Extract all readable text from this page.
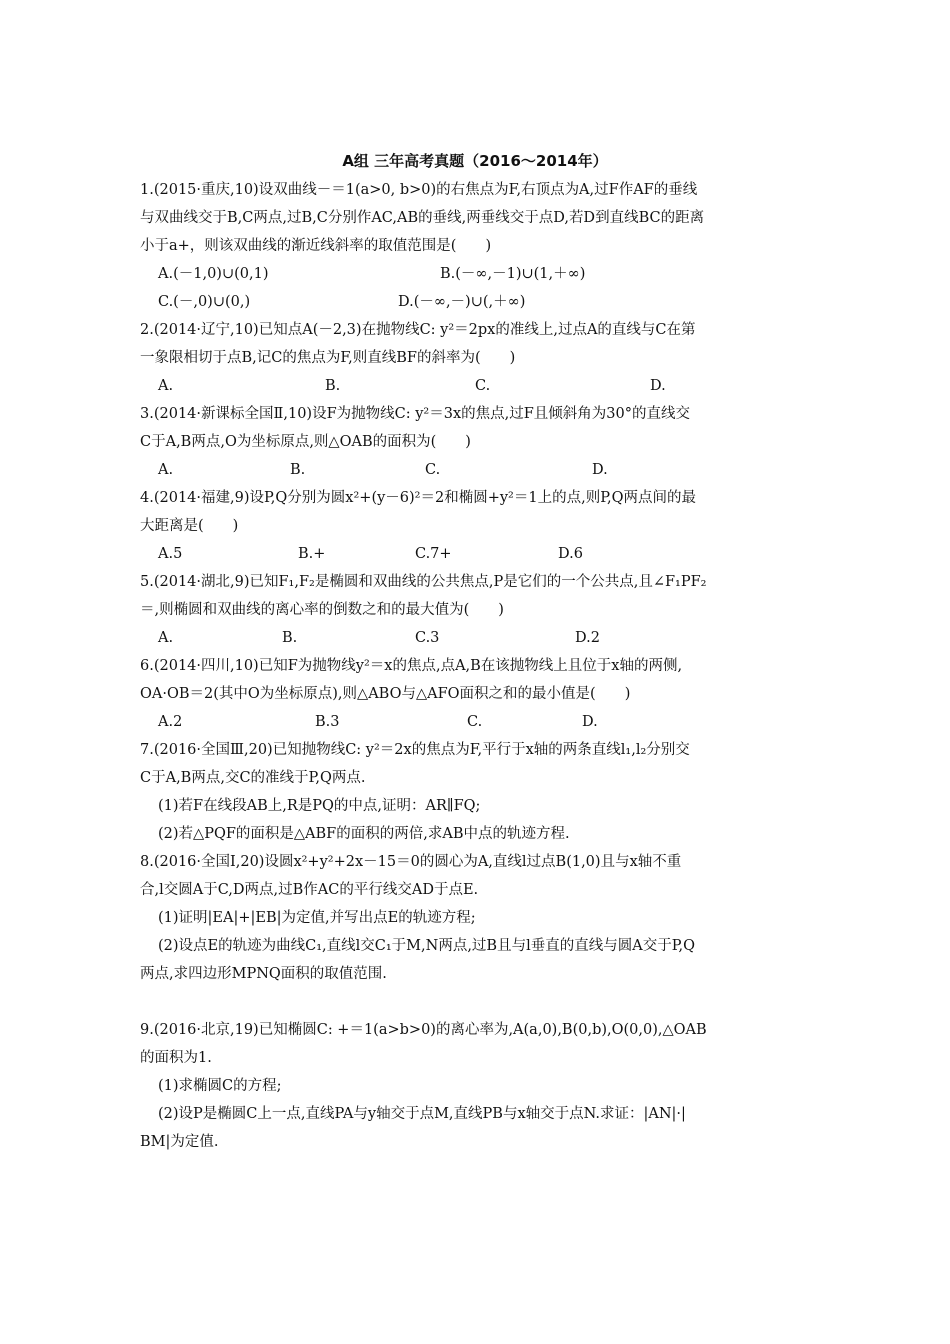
A组 三年高考真题（2016～2014年）
1.(2015·重庆,10)设双曲线－＝1(a>0, b>0)的右焦点为F,右顶点为A,过F作AF的垂线
与双曲线交于B,C两点,过B,C分别作AC,AB的垂线,两垂线交于点D,若D到直线BC的距离
小于a+，则该双曲线的渐近线斜率的取值范围是(　　)
A.(－1,0)∪(0,1)	B.(－∞,－1)∪(1,＋∞)
C.(－,0)∪(0,)	D.(－∞,－)∪(,＋∞)
2.(2014·辽宁,10)已知点A(－2,3)在抛物线C: y²＝2px的准线上,过点A的直线与C在第
一象限相切于点B,记C的焦点为F,则直线BF的斜率为(　　)
A.	B.	C.	D.
3.(2014·新课标全国Ⅱ,10)设F为抛物线C: y²＝3x的焦点,过F且倾斜角为30°的直线交
C于A,B两点,O为坐标原点,则△OAB的面积为(　　)
A.	B.	C.	D.
4.(2014·福建,9)设P,Q分别为圆x²+(y－6)²＝2和椭圆+y²＝1上的点,则P,Q两点间的最
大距离是(　　)
A.5	B.+	C.7+	D.6
5.(2014·湖北,9)已知F₁,F₂是椭圆和双曲线的公共焦点,P是它们的一个公共点,且∠F₁PF₂
＝,则椭圆和双曲线的离心率的倒数之和的最大值为(　　)
A.	B.	C.3	D.2
6.(2014·四川,10)已知F为抛物线y²＝x的焦点,点A,B在该抛物线上且位于x轴的两侧,
OA·OB＝2(其中O为坐标原点),则△ABO与△AFO面积之和的最小值是(　　)
A.2	B.3	C.	D.
7.(2016·全国Ⅲ,20)已知抛物线C: y²＝2x的焦点为F,平行于x轴的两条直线l₁,l₂分别交
C于A,B两点,交C的准线于P,Q两点.
(1)若F在线段AB上,R是PQ的中点,证明：AR∥FQ;
(2)若△PQF的面积是△ABF的面积的两倍,求AB中点的轨迹方程.
8.(2016·全国Ⅰ,20)设圆x²+y²+2x－15＝0的圆心为A,直线l过点B(1,0)且与x轴不重
合,l交圆A于C,D两点,过B作AC的平行线交AD于点E.
(1)证明|EA|+|EB|为定值,并写出点E的轨迹方程;
(2)设点E的轨迹为曲线C₁,直线l交C₁于M,N两点,过B且与l垂直的直线与圆A交于P,Q
两点,求四边形MPNQ面积的取值范围.
9.(2016·北京,19)已知椭圆C: +＝1(a>b>0)的离心率为,A(a,0),B(0,b),O(0,0),△OAB
的面积为1.
(1)求椭圆C的方程;
(2)设P是椭圆C上一点,直线PA与y轴交于点M,直线PB与x轴交于点N.求证：|AN|·|
BM|为定值.
